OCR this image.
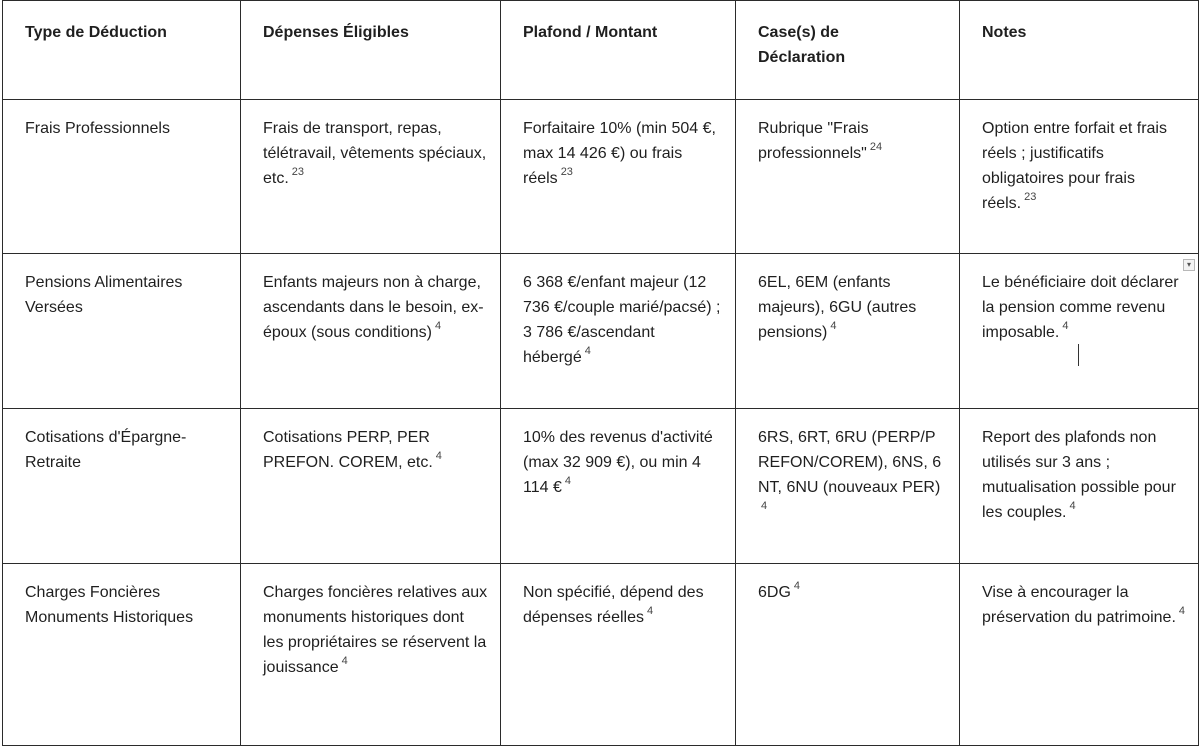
Type de Déduction	Dépenses Éligibles	Plafond / Montant	Case(s) de Déclaration	Notes
Frais Professionnels	Frais de transport, repas, télétravail, vêtements spéciaux, etc. $^{23}$	Forfaitaire 10% (min 504 €, max 14 426 €) ou frais réels $^{23}$	Rubrique "Frais professionnels" $^{24}$	Option entre forfait et frais réels ; justificatifs obligatoires pour frais réels. $^{23}$
Pensions Alimentaires Versées	Enfants majeurs non à charge, ascendants dans le besoin, ex-époux (sous conditions) $^4$	6 368 €/enfant majeur (12 736 €/couple marié/pacsé) ; 3 786 €/ascendant hébergé $^4$	6EL, 6EM (enfants majeurs), 6GU (autres pensions) $^4$	Le bénéficiaire doit déclarer la pension comme revenu imposable. $^4$
Cotisations d'Épargne-Retraite	Cotisations PERP, PER PREFON. COREM, etc. $^4$	10% des revenus d'activité (max 32 909 €), ou min 4 114 € $^4$	6RS, 6RT, 6RU (PERP/PREFON/COREM), 6NS, 6NT, 6NU (nouveaux PER)$^4$	Report des plafonds non utilisés sur 3 ans ; mutualisation possible pour les couples. $^4$
Charges Foncières Monuments Historiques	Charges foncières relatives aux monuments historiques dont les propriétaires se réservent la jouissance $^4$	Non spécifié, dépend des dépenses réelles $^4$	6DG $^4$	Vise à encourager la préservation du patrimoine. $^4$
▾
